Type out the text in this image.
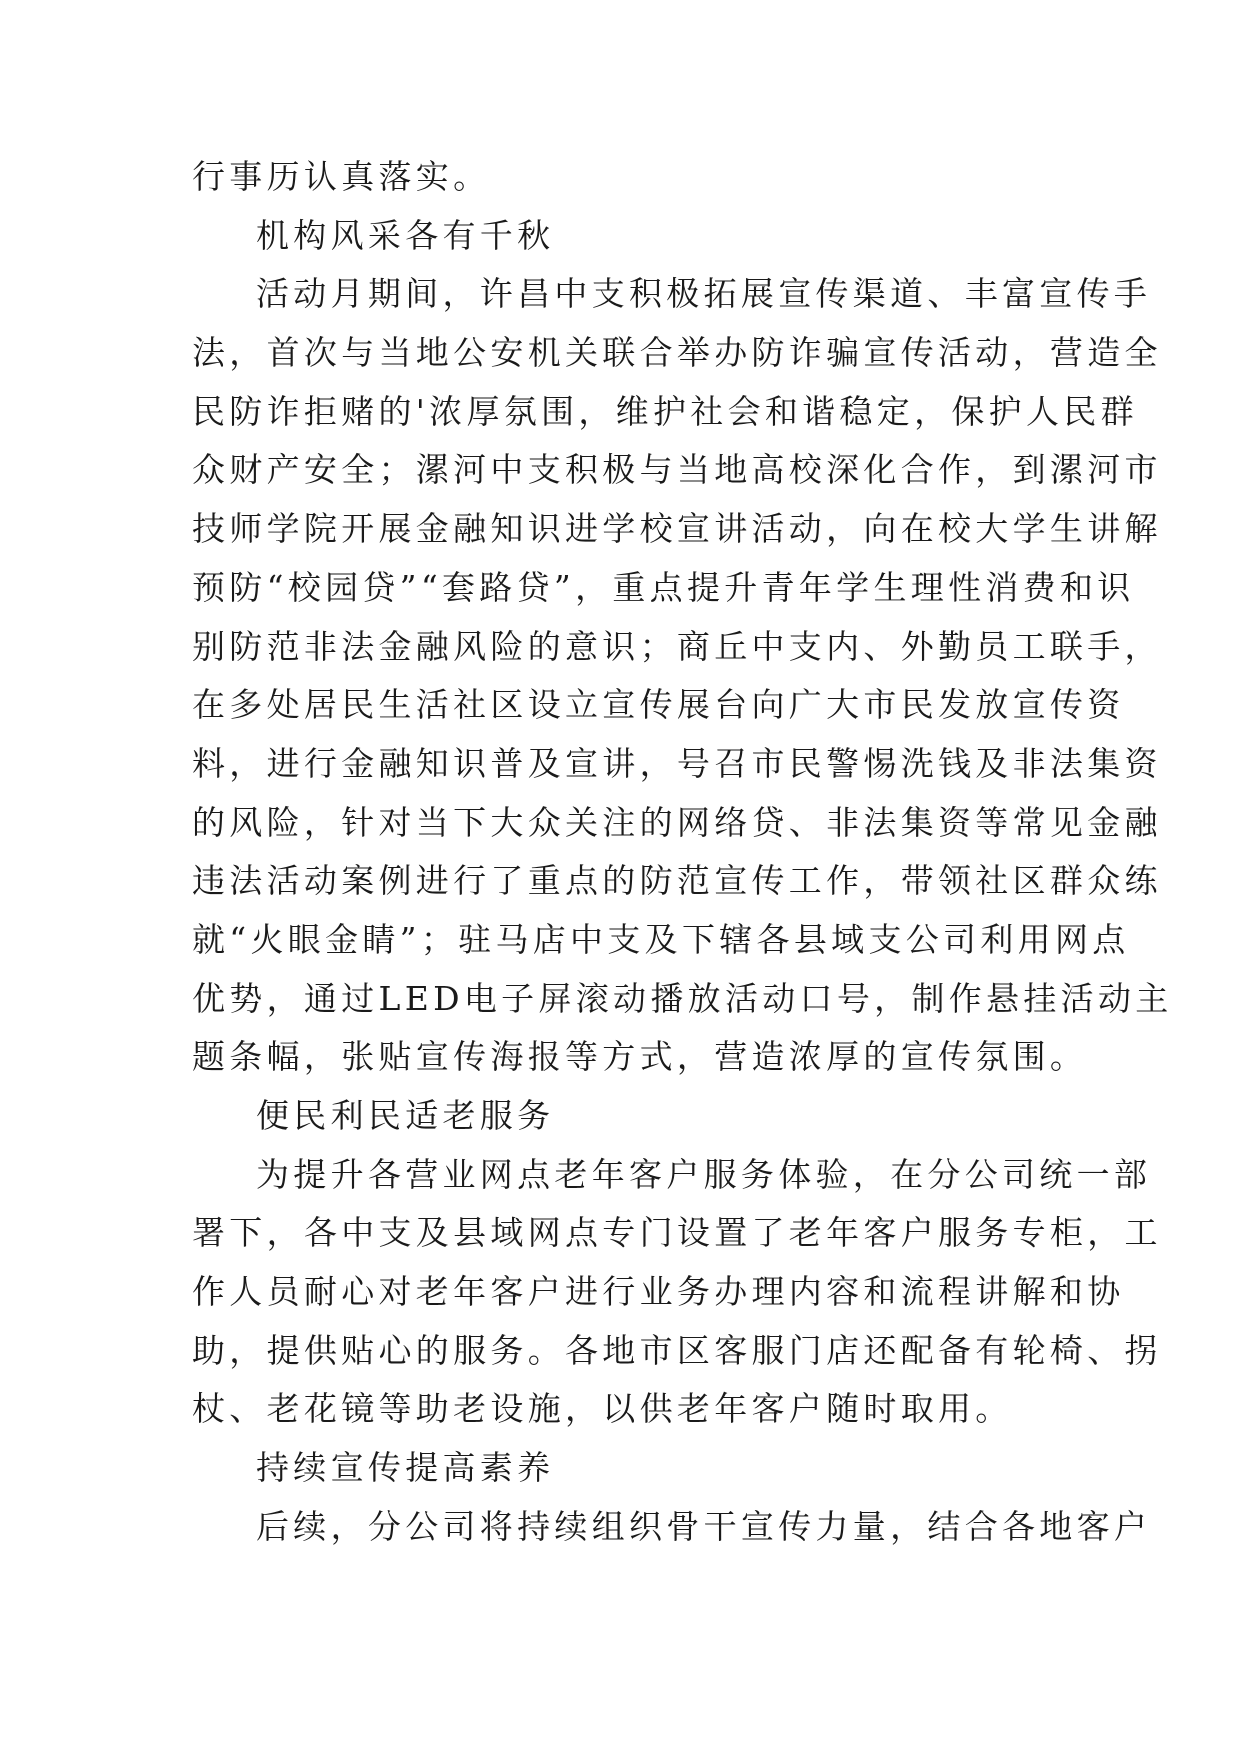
行事历认真落实。
机构风采各有千秋
活动月期间，许昌中支积极拓展宣传渠道、丰富宣传手
法，首次与当地公安机关联合举办防诈骗宣传活动，营造全
民防诈拒赌的'浓厚氛围，维护社会和谐稳定，保护人民群
众财产安全；漯河中支积极与当地高校深化合作，到漯河市
技师学院开展金融知识进学校宣讲活动，向在校大学生讲解
预防“校园贷”“套路贷”，重点提升青年学生理性消费和识
别防范非法金融风险的意识；商丘中支内、外勤员工联手，
在多处居民生活社区设立宣传展台向广大市民发放宣传资
料，进行金融知识普及宣讲，号召市民警惕洗钱及非法集资
的风险，针对当下大众关注的网络贷、非法集资等常见金融
违法活动案例进行了重点的防范宣传工作，带领社区群众练
就“火眼金睛”；驻马店中支及下辖各县域支公司利用网点
优势，通过LED电子屏滚动播放活动口号，制作悬挂活动主
题条幅，张贴宣传海报等方式，营造浓厚的宣传氛围。
便民利民适老服务
为提升各营业网点老年客户服务体验，在分公司统一部
署下，各中支及县域网点专门设置了老年客户服务专柜，工
作人员耐心对老年客户进行业务办理内容和流程讲解和协
助，提供贴心的服务。各地市区客服门店还配备有轮椅、拐
杖、老花镜等助老设施，以供老年客户随时取用。
持续宣传提高素养
后续，分公司将持续组织骨干宣传力量，结合各地客户
